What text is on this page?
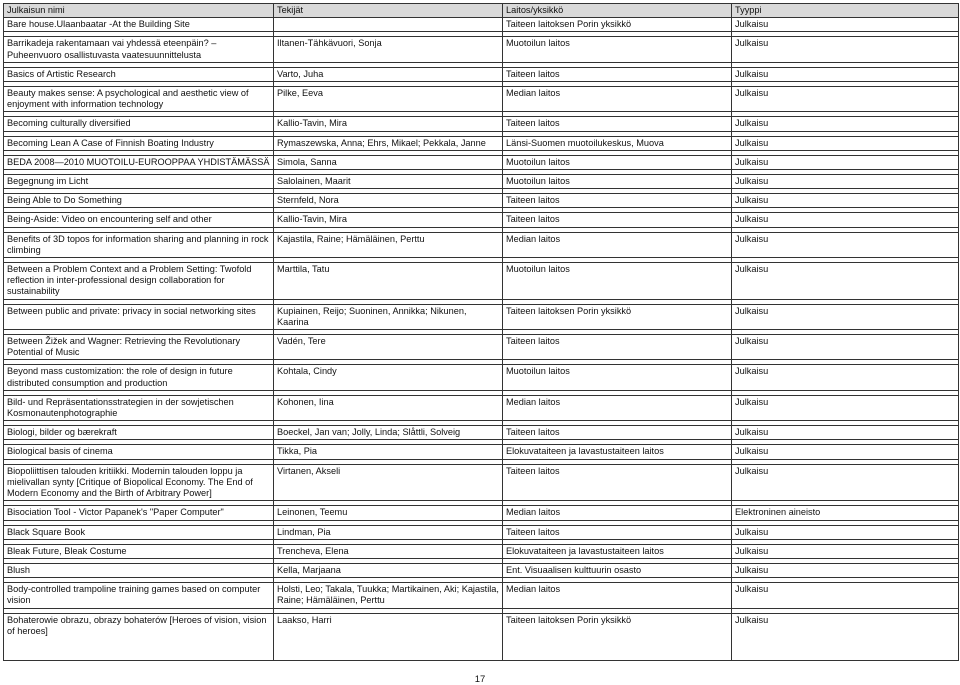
Julkaisun nimi	Tekijät	Laitos/yksikkö	Tyyppi
Bare house.Ulaanbaatar -At the Building Site		Taiteen laitoksen Porin yksikkö	Julkaisu

Barrikadeja rakentamaan vai yhdessä eteenpäin? – Puheenvuoro osallistuvasta vaatesuunnittelusta	Iltanen-Tähkävuori, Sonja	Muotoilun laitos	Julkaisu

Basics of Artistic Research	Varto, Juha	Taiteen laitos	Julkaisu

Beauty makes sense: A psychological and aesthetic view of enjoyment with information technology	Pilke, Eeva	Median laitos	Julkaisu

Becoming culturally diversified	Kallio-Tavin, Mira	Taiteen laitos	Julkaisu

Becoming Lean A Case of Finnish Boating Industry	Rymaszewska, Anna; Ehrs, Mikael; Pekkala, Janne	Länsi-Suomen muotoilukeskus, Muova	Julkaisu

BEDA 2008—2010 MUOTOILU-EUROOPPAA YHDISTÄMÄSSÄ	Simola, Sanna	Muotoilun laitos	Julkaisu

Begegnung im Licht	Salolainen, Maarit	Muotoilun laitos	Julkaisu

Being Able to Do Something	Sternfeld, Nora	Taiteen laitos	Julkaisu

Being-Aside: Video on encountering self and other	Kallio-Tavin, Mira	Taiteen laitos	Julkaisu

Benefits of 3D topos for information sharing and planning in rock climbing	Kajastila, Raine; Hämäläinen, Perttu	Median laitos	Julkaisu

Between a Problem Context and a Problem Setting: Twofold reflection in inter-professional design collaboration for sustainability	Marttila, Tatu	Muotoilun laitos	Julkaisu

Between public and private: privacy in social networking sites	Kupiainen, Reijo; Suoninen, Annikka; Nikunen, Kaarina	Taiteen laitoksen Porin yksikkö	Julkaisu

Between Žižek and Wagner: Retrieving the Revolutionary Potential of Music	Vadén, Tere	Taiteen laitos	Julkaisu

Beyond mass customization: the role of design in future distributed consumption and production	Kohtala, Cindy	Muotoilun laitos	Julkaisu

Bild- und Repräsentationsstrategien in der sowjetischen Kosmonautenphotographie	Kohonen, Iina	Median laitos	Julkaisu

Biologi, bilder og bærekraft	Boeckel, Jan van; Jolly, Linda; Slåttli, Solveig	Taiteen laitos	Julkaisu

Biological basis of cinema	Tikka, Pia	Elokuvataiteen ja lavastustaiteen laitos	Julkaisu

Biopoliittisen talouden kritiikki. Modernin talouden loppu ja mielivallan synty [Critique of Biopolical Economy. The End of Modern Economy and the Birth of Arbitrary Power]	Virtanen, Akseli	Taiteen laitos	Julkaisu

Bisociation Tool - Victor Papanek's "Paper Computer"	Leinonen, Teemu	Median laitos	Elektroninen aineisto

Black Square Book	Lindman, Pia	Taiteen laitos	Julkaisu

Bleak Future, Bleak Costume	Trencheva, Elena	Elokuvataiteen ja lavastustaiteen laitos	Julkaisu

Blush	Kella, Marjaana	Ent. Visuaalisen kulttuurin osasto	Julkaisu

Body-controlled trampoline training games based on computer vision	Holsti, Leo; Takala, Tuukka; Martikainen, Aki; Kajastila, Raine; Hämäläinen, Perttu	Median laitos	Julkaisu

Bohaterowie obrazu, obrazy bohaterów [Heroes of vision, vision of heroes]	Laakso, Harri	Taiteen laitoksen Porin yksikkö	Julkaisu
17
